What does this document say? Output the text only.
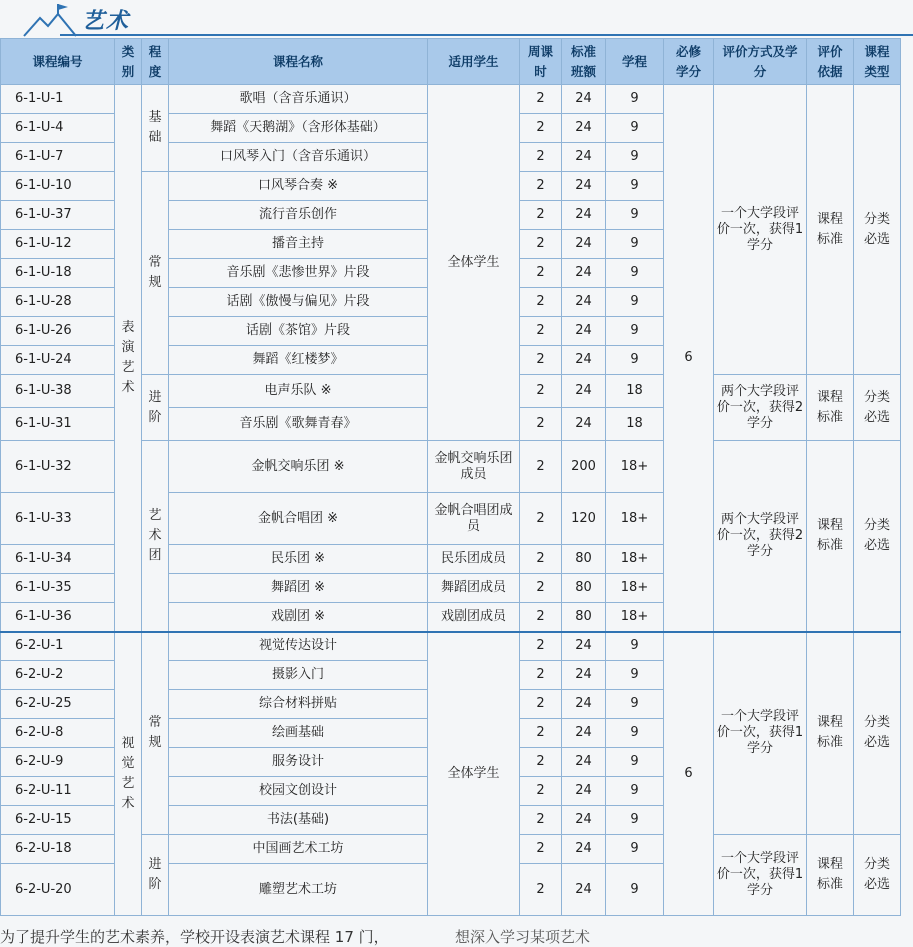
艺术
课程编号	类别	程度	课程名称	适用学生	周课时	标准班额	学程	必修学分	评价方式及学分	评价依据	课程类型
6-1-U-1	表演艺术	基础	歌唱（含音乐通识）	全体学生	2	24	9	6	一个大学段评价一次，获得1学分	课程标准	分类必选
6-1-U-4			舞蹈《天鹅湖》（含形体基础）		2	24	9				
6-1-U-7			口风琴入门（含音乐通识）		2	24	9				
6-1-U-10		常规	口风琴合奏 ※		2	24	9				
6-1-U-37			流行音乐创作		2	24	9				
6-1-U-12			播音主持		2	24	9				
6-1-U-18			音乐剧《悲惨世界》片段		2	24	9				
6-1-U-28			话剧《傲慢与偏见》片段		2	24	9				
6-1-U-26			话剧《茶馆》片段		2	24	9				
6-1-U-24			舞蹈《红楼梦》		2	24	9				
6-1-U-38		进阶	电声乐队 ※		2	24	18		两个大学段评价一次，获得2学分	课程标准	分类必选
6-1-U-31			音乐剧《歌舞青春》		2	24	18				
6-1-U-32		艺术团	金帆交响乐团 ※	金帆交响乐团成员	2	200	18+		两个大学段评价一次，获得2学分	课程标准	分类必选
6-1-U-33			金帆合唱团 ※	金帆合唱团成员	2	120	18+				
6-1-U-34			民乐团 ※	民乐团成员	2	80	18+				
6-1-U-35			舞蹈团 ※	舞蹈团成员	2	80	18+				
6-1-U-36			戏剧团 ※	戏剧团成员	2	80	18+				
6-2-U-1	视觉艺术	常规	视觉传达设计	全体学生	2	24	9	6	一个大学段评价一次，获得1学分	课程标准	分类必选
6-2-U-2			摄影入门		2	24	9				
6-2-U-25			综合材料拼贴		2	24	9				
6-2-U-8			绘画基础		2	24	9				
6-2-U-9			服务设计		2	24	9				
6-2-U-11			校园文创设计		2	24	9				
6-2-U-15			书法(基础)		2	24	9				
6-2-U-18		进阶	中国画艺术工坊		2	24	9		一个大学段评价一次，获得1学分	课程标准	分类必选
6-2-U-20			雕塑艺术工坊		2	24	9				
为了提升学生的艺术素养，学校开设表演艺术课程 17 门，	想深入学习某项艺术
